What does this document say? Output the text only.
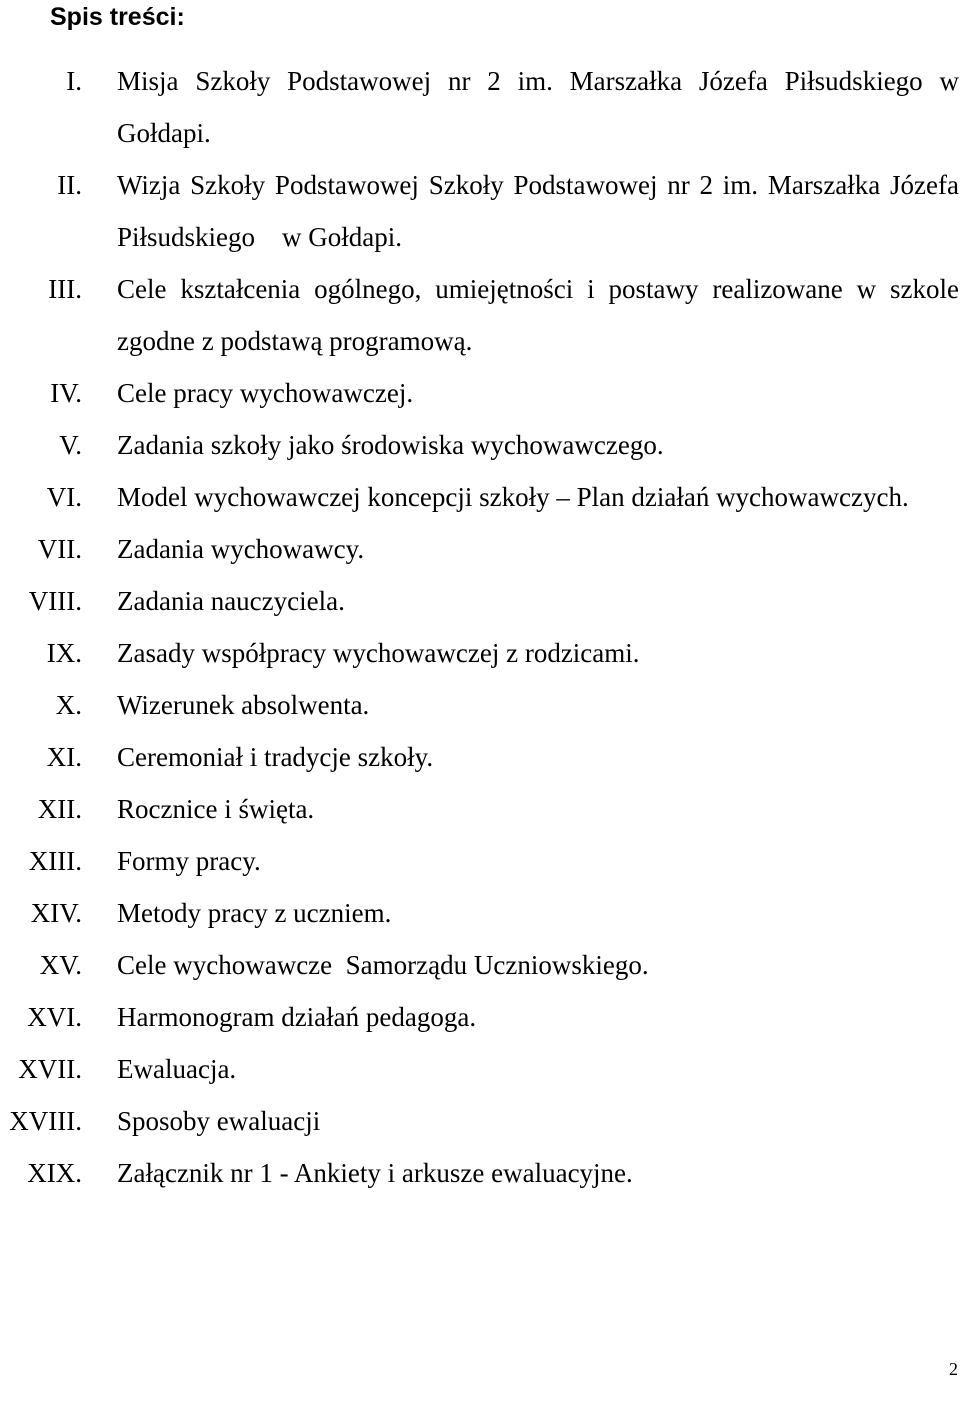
Spis treści:
I. Misja Szkoły Podstawowej nr 2 im. Marszałka Józefa Piłsudskiego w Gołdapi.
II. Wizja Szkoły Podstawowej Szkoły Podstawowej nr 2 im. Marszałka Józefa Piłsudskiego    w Gołdapi.
III. Cele kształcenia ogólnego, umiejętności i postawy realizowane w szkole zgodne z podstawą programową.
IV. Cele pracy wychowawczej.
V. Zadania szkoły jako środowiska wychowawczego.
VI. Model wychowawczej koncepcji szkoły – Plan działań wychowawczych.
VII. Zadania wychowawcy.
VIII. Zadania nauczyciela.
IX. Zasady współpracy wychowawczej z rodzicami.
X. Wizerunek absolwenta.
XI. Ceremoniał i tradycje szkoły.
XII. Rocznice i święta.
XIII. Formy pracy.
XIV. Metody pracy z uczniem.
XV. Cele wychowawcze  Samorządu Uczniowskiego.
XVI. Harmonogram działań pedagoga.
XVII. Ewaluacja.
XVIII. Sposoby ewaluacji
XIX. Załącznik nr 1 - Ankiety i arkusze ewaluacyjne.
2
